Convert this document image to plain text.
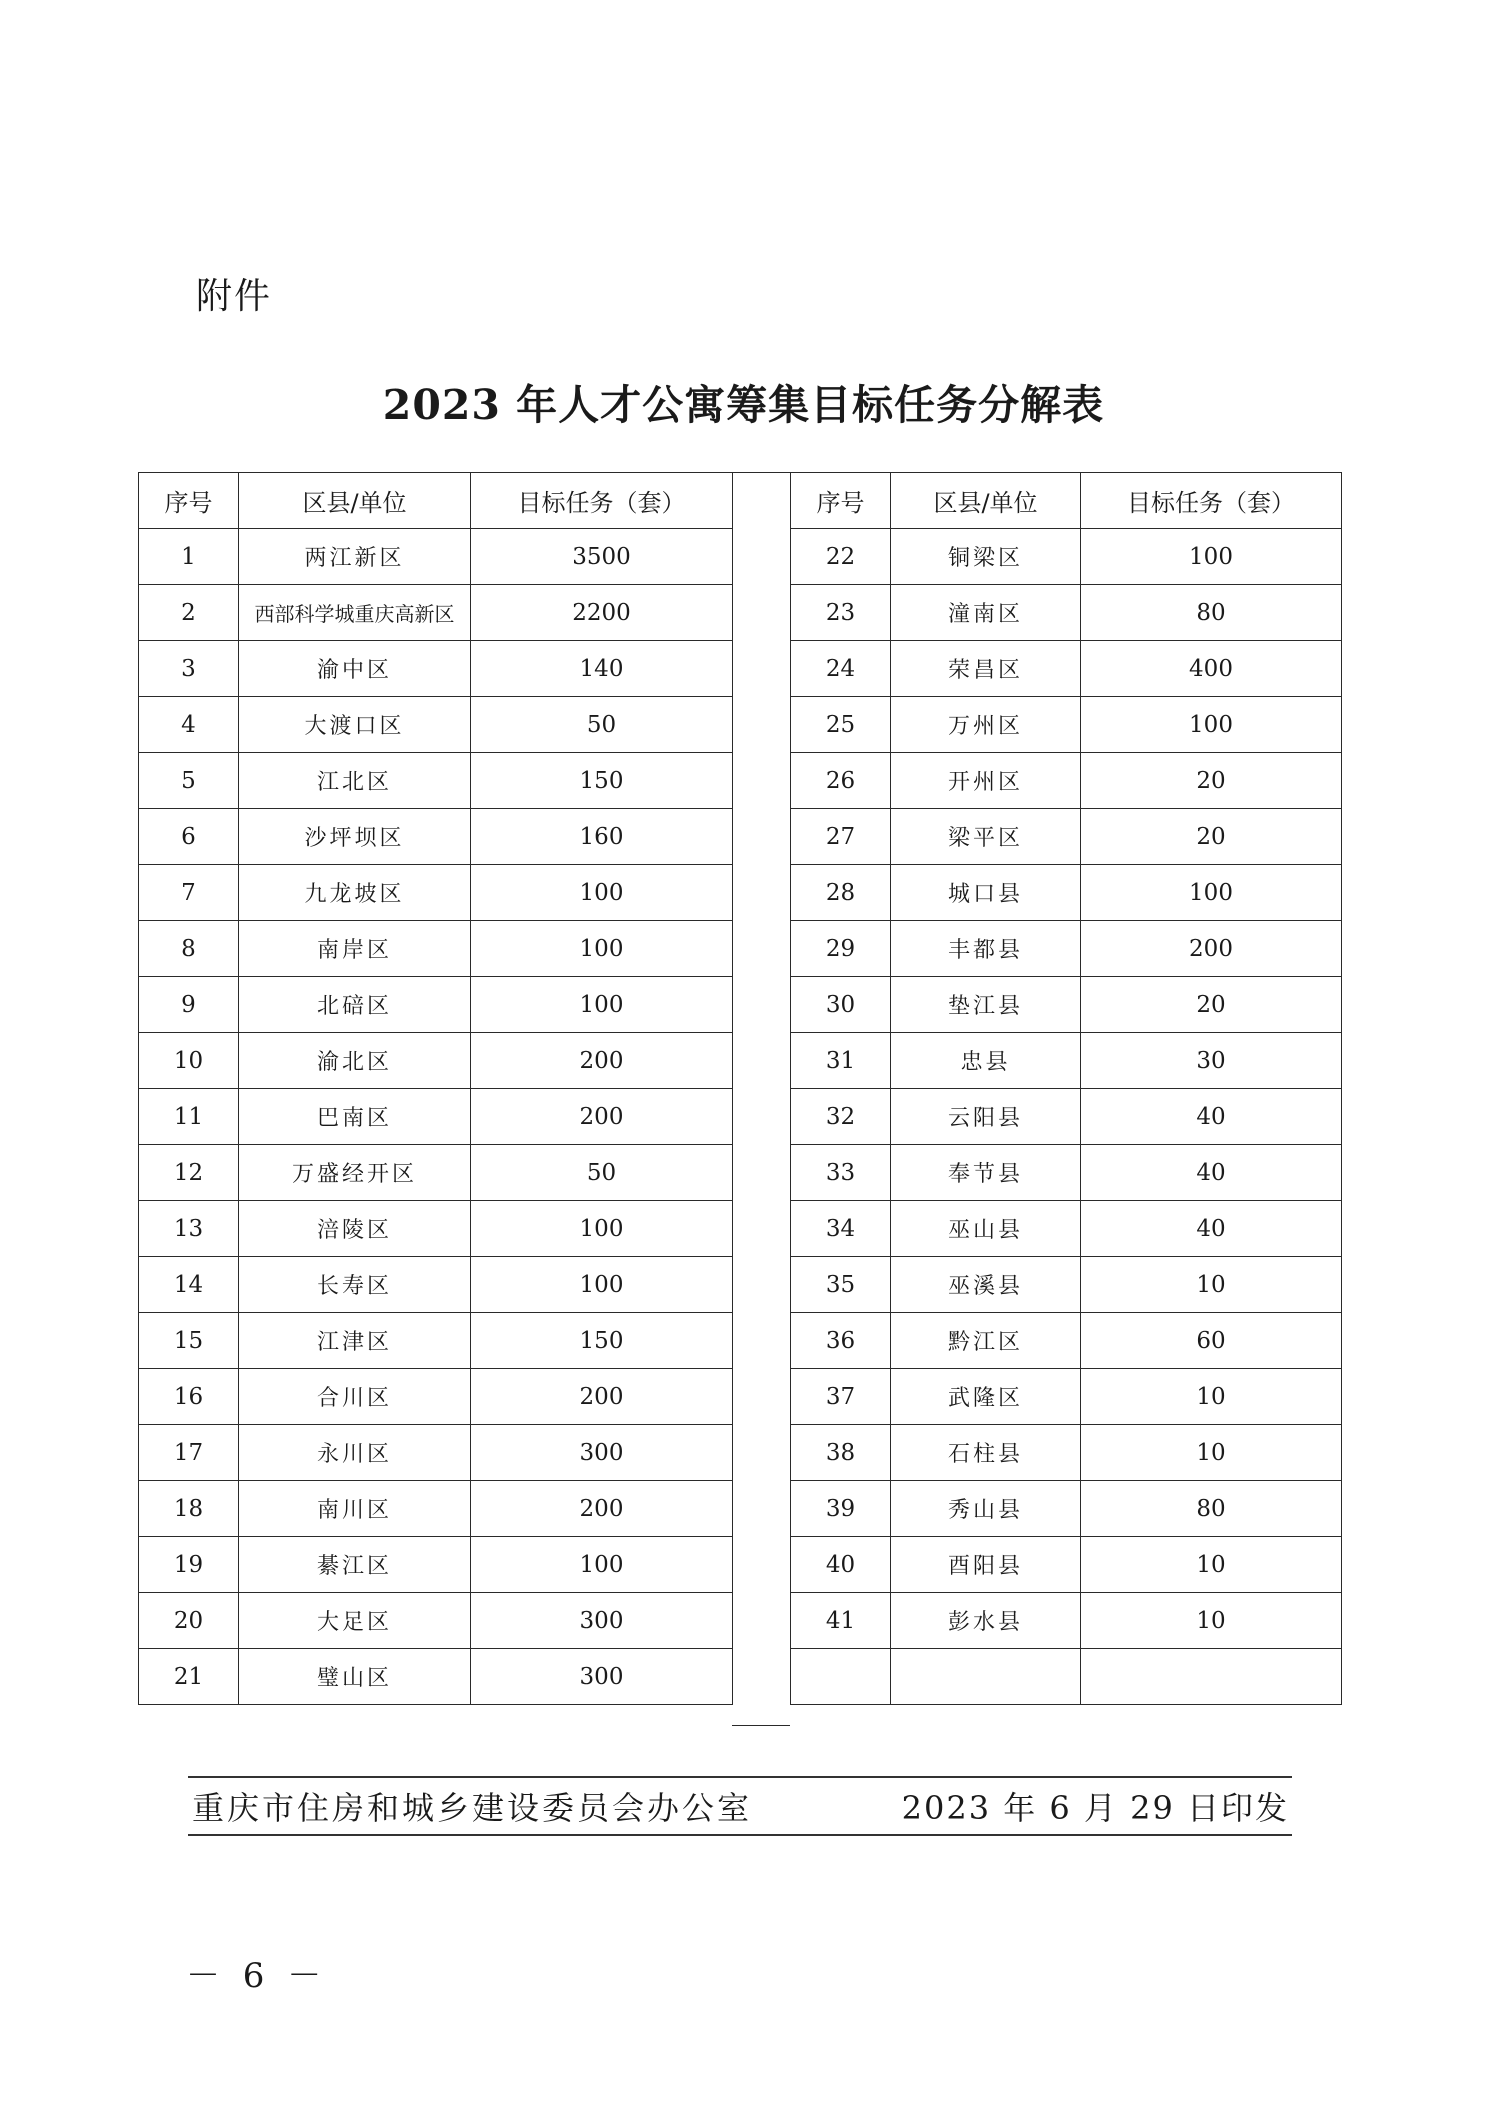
附件
2023 年人才公寓筹集目标任务分解表
序号	区县/单位	目标任务（套）
1	两江新区	3500
2	西部科学城重庆高新区	2200
3	渝中区	140
4	大渡口区	50
5	江北区	150
6	沙坪坝区	160
7	九龙坡区	100
8	南岸区	100
9	北碚区	100
10	渝北区	200
11	巴南区	200
12	万盛经开区	50
13	涪陵区	100
14	长寿区	100
15	江津区	150
16	合川区	200
17	永川区	300
18	南川区	200
19	綦江区	100
20	大足区	300
21	璧山区	300
序号	区县/单位	目标任务（套）
22	铜梁区	100
23	潼南区	80
24	荣昌区	400
25	万州区	100
26	开州区	20
27	梁平区	20
28	城口县	100
29	丰都县	200
30	垫江县	20
31	忠县	30
32	云阳县	40
33	奉节县	40
34	巫山县	40
35	巫溪县	10
36	黔江区	60
37	武隆区	10
38	石柱县	10
39	秀山县	80
40	酉阳县	10
41	彭水县	10

重庆市住房和城乡建设委员会办公室	2023 年 6 月 29 日印发
－ 6 －
